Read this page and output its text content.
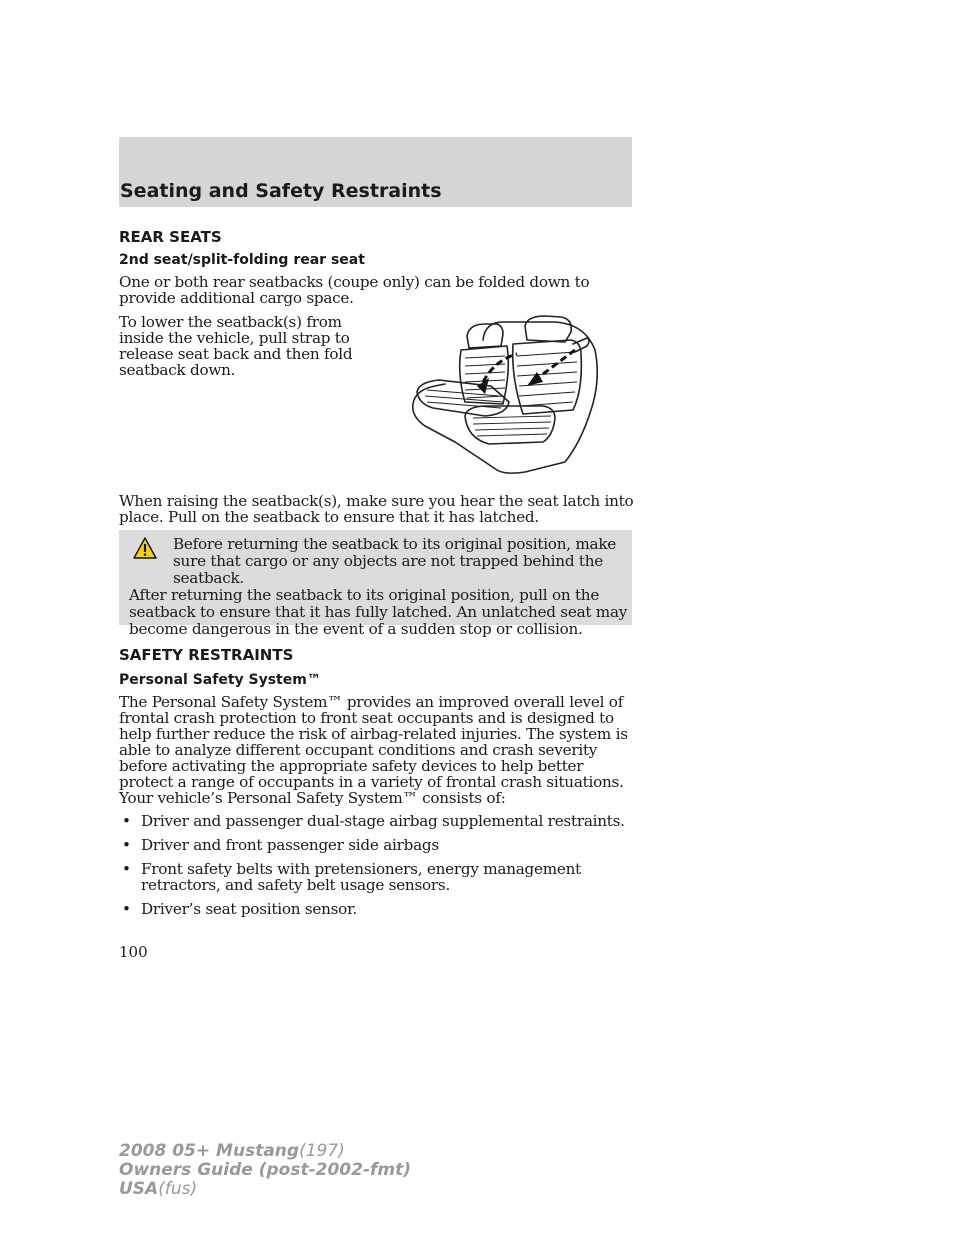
Seating and Safety Restraints
REAR SEATS
2nd seat/split-folding rear seat
One or both rear seatbacks (coupe only) can be folded down to provide additional cargo space.
To lower the seatback(s) from inside the vehicle, pull strap to release seat back and then fold seatback down.
When raising the seatback(s), make sure you hear the seat latch into place. Pull on the seatback to ensure that it has latched.
Before returning the seatback to its original position, make sure that cargo or any objects are not trapped behind the seatback.
After returning the seatback to its original position, pull on the seatback to ensure that it has fully latched. An unlatched seat may become dangerous in the event of a sudden stop or collision.
SAFETY RESTRAINTS
Personal Safety System™
The Personal Safety System™ provides an improved overall level of frontal crash protection to front seat occupants and is designed to help further reduce the risk of airbag-related injuries. The system is able to analyze different occupant conditions and crash severity before activating the appropriate safety devices to help better protect a range of occupants in a variety of frontal crash situations.
Your vehicle’s Personal Safety System™ consists of:
• Driver and passenger dual-stage airbag supplemental restraints.
• Driver and front passenger side airbags
• Front safety belts with pretensioners, energy management retractors, and safety belt usage sensors.
• Driver’s seat position sensor.
100
2008 05+ Mustang(197)
Owners Guide (post-2002-fmt)
USA(fus)
